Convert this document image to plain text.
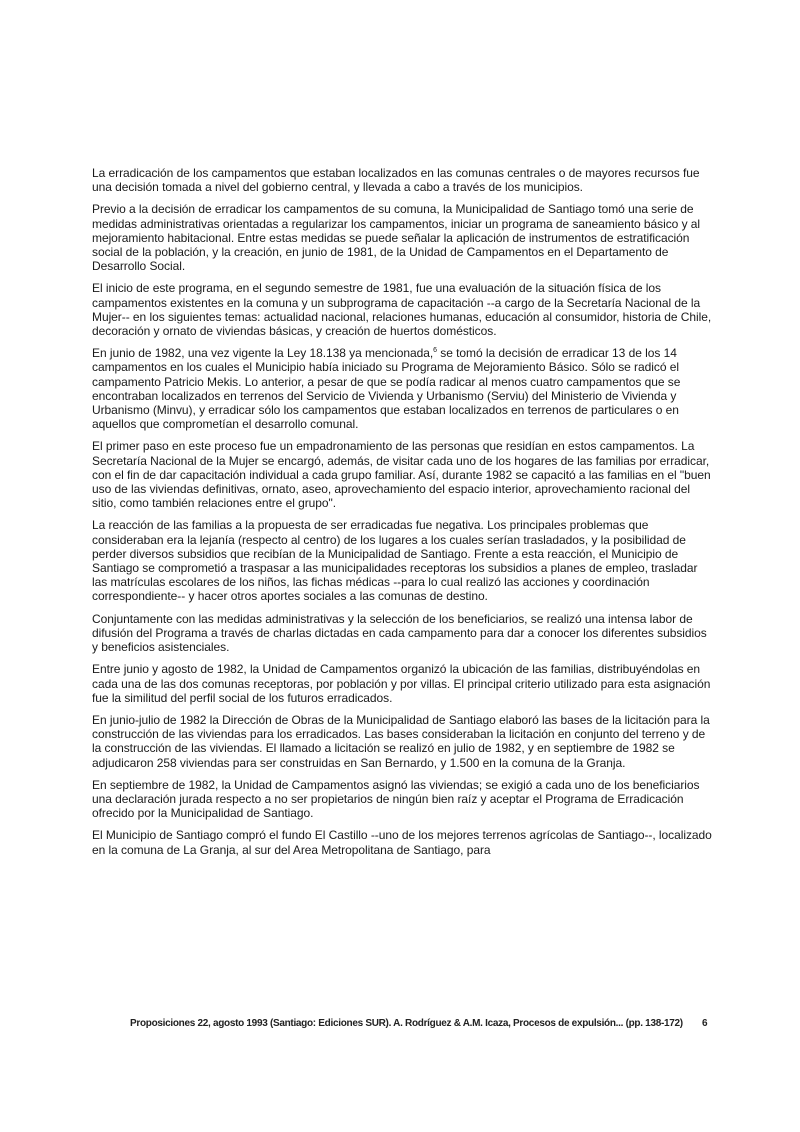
La erradicación de los campamentos que estaban localizados en las comunas centrales o de mayores recursos fue una decisión tomada a nivel del gobierno central, y llevada a cabo a través de los municipios.

Previo a la decisión de erradicar los campamentos de su comuna, la Municipalidad de Santiago tomó una serie de medidas administrativas orientadas a regularizar los campamentos, iniciar un programa de saneamiento básico y al mejoramiento habitacional. Entre estas medidas se puede señalar la aplicación de instrumentos de estratificación social de la población, y la creación, en junio de 1981, de la Unidad de Campamentos en el Departamento de Desarrollo Social.

El inicio de este programa, en el segundo semestre de 1981, fue una evaluación de la situación física de los campamentos existentes en la comuna y un subprograma de capacitación --a cargo de la Secretaría Nacional de la Mujer-- en los siguientes temas: actualidad nacional, relaciones humanas, educación al consumidor, historia de Chile, decoración y ornato de viviendas básicas, y creación de huertos domésticos.

En junio de 1982, una vez vigente la Ley 18.138 ya mencionada,$^6$ se tomó la decisión de erradicar 13 de los 14 campamentos en los cuales el Municipio había iniciado su Programa de Mejoramiento Básico. Sólo se radicó el campamento Patricio Mekis. Lo anterior, a pesar de que se podía radicar al menos cuatro campamentos que se encontraban localizados en terrenos del Servicio de Vivienda y Urbanismo (Serviu) del Ministerio de Vivienda y Urbanismo (Minvu), y erradicar sólo los campamentos que estaban localizados en terrenos de particulares o en aquellos que comprometían el desarrollo comunal.

El primer paso en este proceso fue un empadronamiento de las personas que residían en estos campamentos. La Secretaría Nacional de la Mujer se encargó, además, de visitar cada uno de los hogares de las familias por erradicar, con el fin de dar capacitación individual a cada grupo familiar. Así, durante 1982 se capacitó a las familias en el "buen uso de las viviendas definitivas, ornato, aseo, aprovechamiento del espacio interior, aprovechamiento racional del sitio, como también relaciones entre el grupo".

La reacción de las familias a la propuesta de ser erradicadas fue negativa. Los principales problemas que consideraban era la lejanía (respecto al centro) de los lugares a los cuales serían trasladados, y la posibilidad de perder diversos subsidios que recibían de la Municipalidad de Santiago. Frente a esta reacción, el Municipio de Santiago se comprometió a traspasar a las municipalidades receptoras los subsidios a planes de empleo, trasladar las matrículas escolares de los niños, las fichas médicas --para lo cual realizó las acciones y coordinación correspondiente-- y hacer otros aportes sociales a las comunas de destino.

Conjuntamente con las medidas administrativas y la selección de los beneficiarios, se realizó una intensa labor de difusión del Programa a través de charlas dictadas en cada campamento para dar a conocer los diferentes subsidios y beneficios asistenciales.

Entre junio y agosto de 1982, la Unidad de Campamentos organizó la ubicación de las familias, distribuyéndolas en cada una de las dos comunas receptoras, por población y por villas. El principal criterio utilizado para esta asignación fue la similitud del perfil social de los futuros erradicados.

En junio-julio de 1982 la Dirección de Obras de la Municipalidad de Santiago elaboró las bases de la licitación para la construcción de las viviendas para los erradicados. Las bases consideraban la licitación en conjunto del terreno y de la construcción de las viviendas. El llamado a licitación se realizó en julio de 1982, y en septiembre de 1982 se adjudicaron 258 viviendas para ser construidas en San Bernardo, y 1.500 en la comuna de la Granja.

En septiembre de 1982, la Unidad de Campamentos asignó las viviendas; se exigió a cada uno de los beneficiarios una declaración jurada respecto a no ser propietarios de ningún bien raíz y aceptar el Programa de Erradicación ofrecido por la Municipalidad de Santiago.

El Municipio de Santiago compró el fundo El Castillo --uno de los mejores terrenos agrícolas de Santiago--, localizado en la comuna de La Granja, al sur del Area Metropolitana de Santiago, para

Proposiciones 22, agosto 1993 (Santiago: Ediciones SUR). A. Rodríguez & A.M. Icaza, Procesos de expulsión... (pp. 138-172) 6
